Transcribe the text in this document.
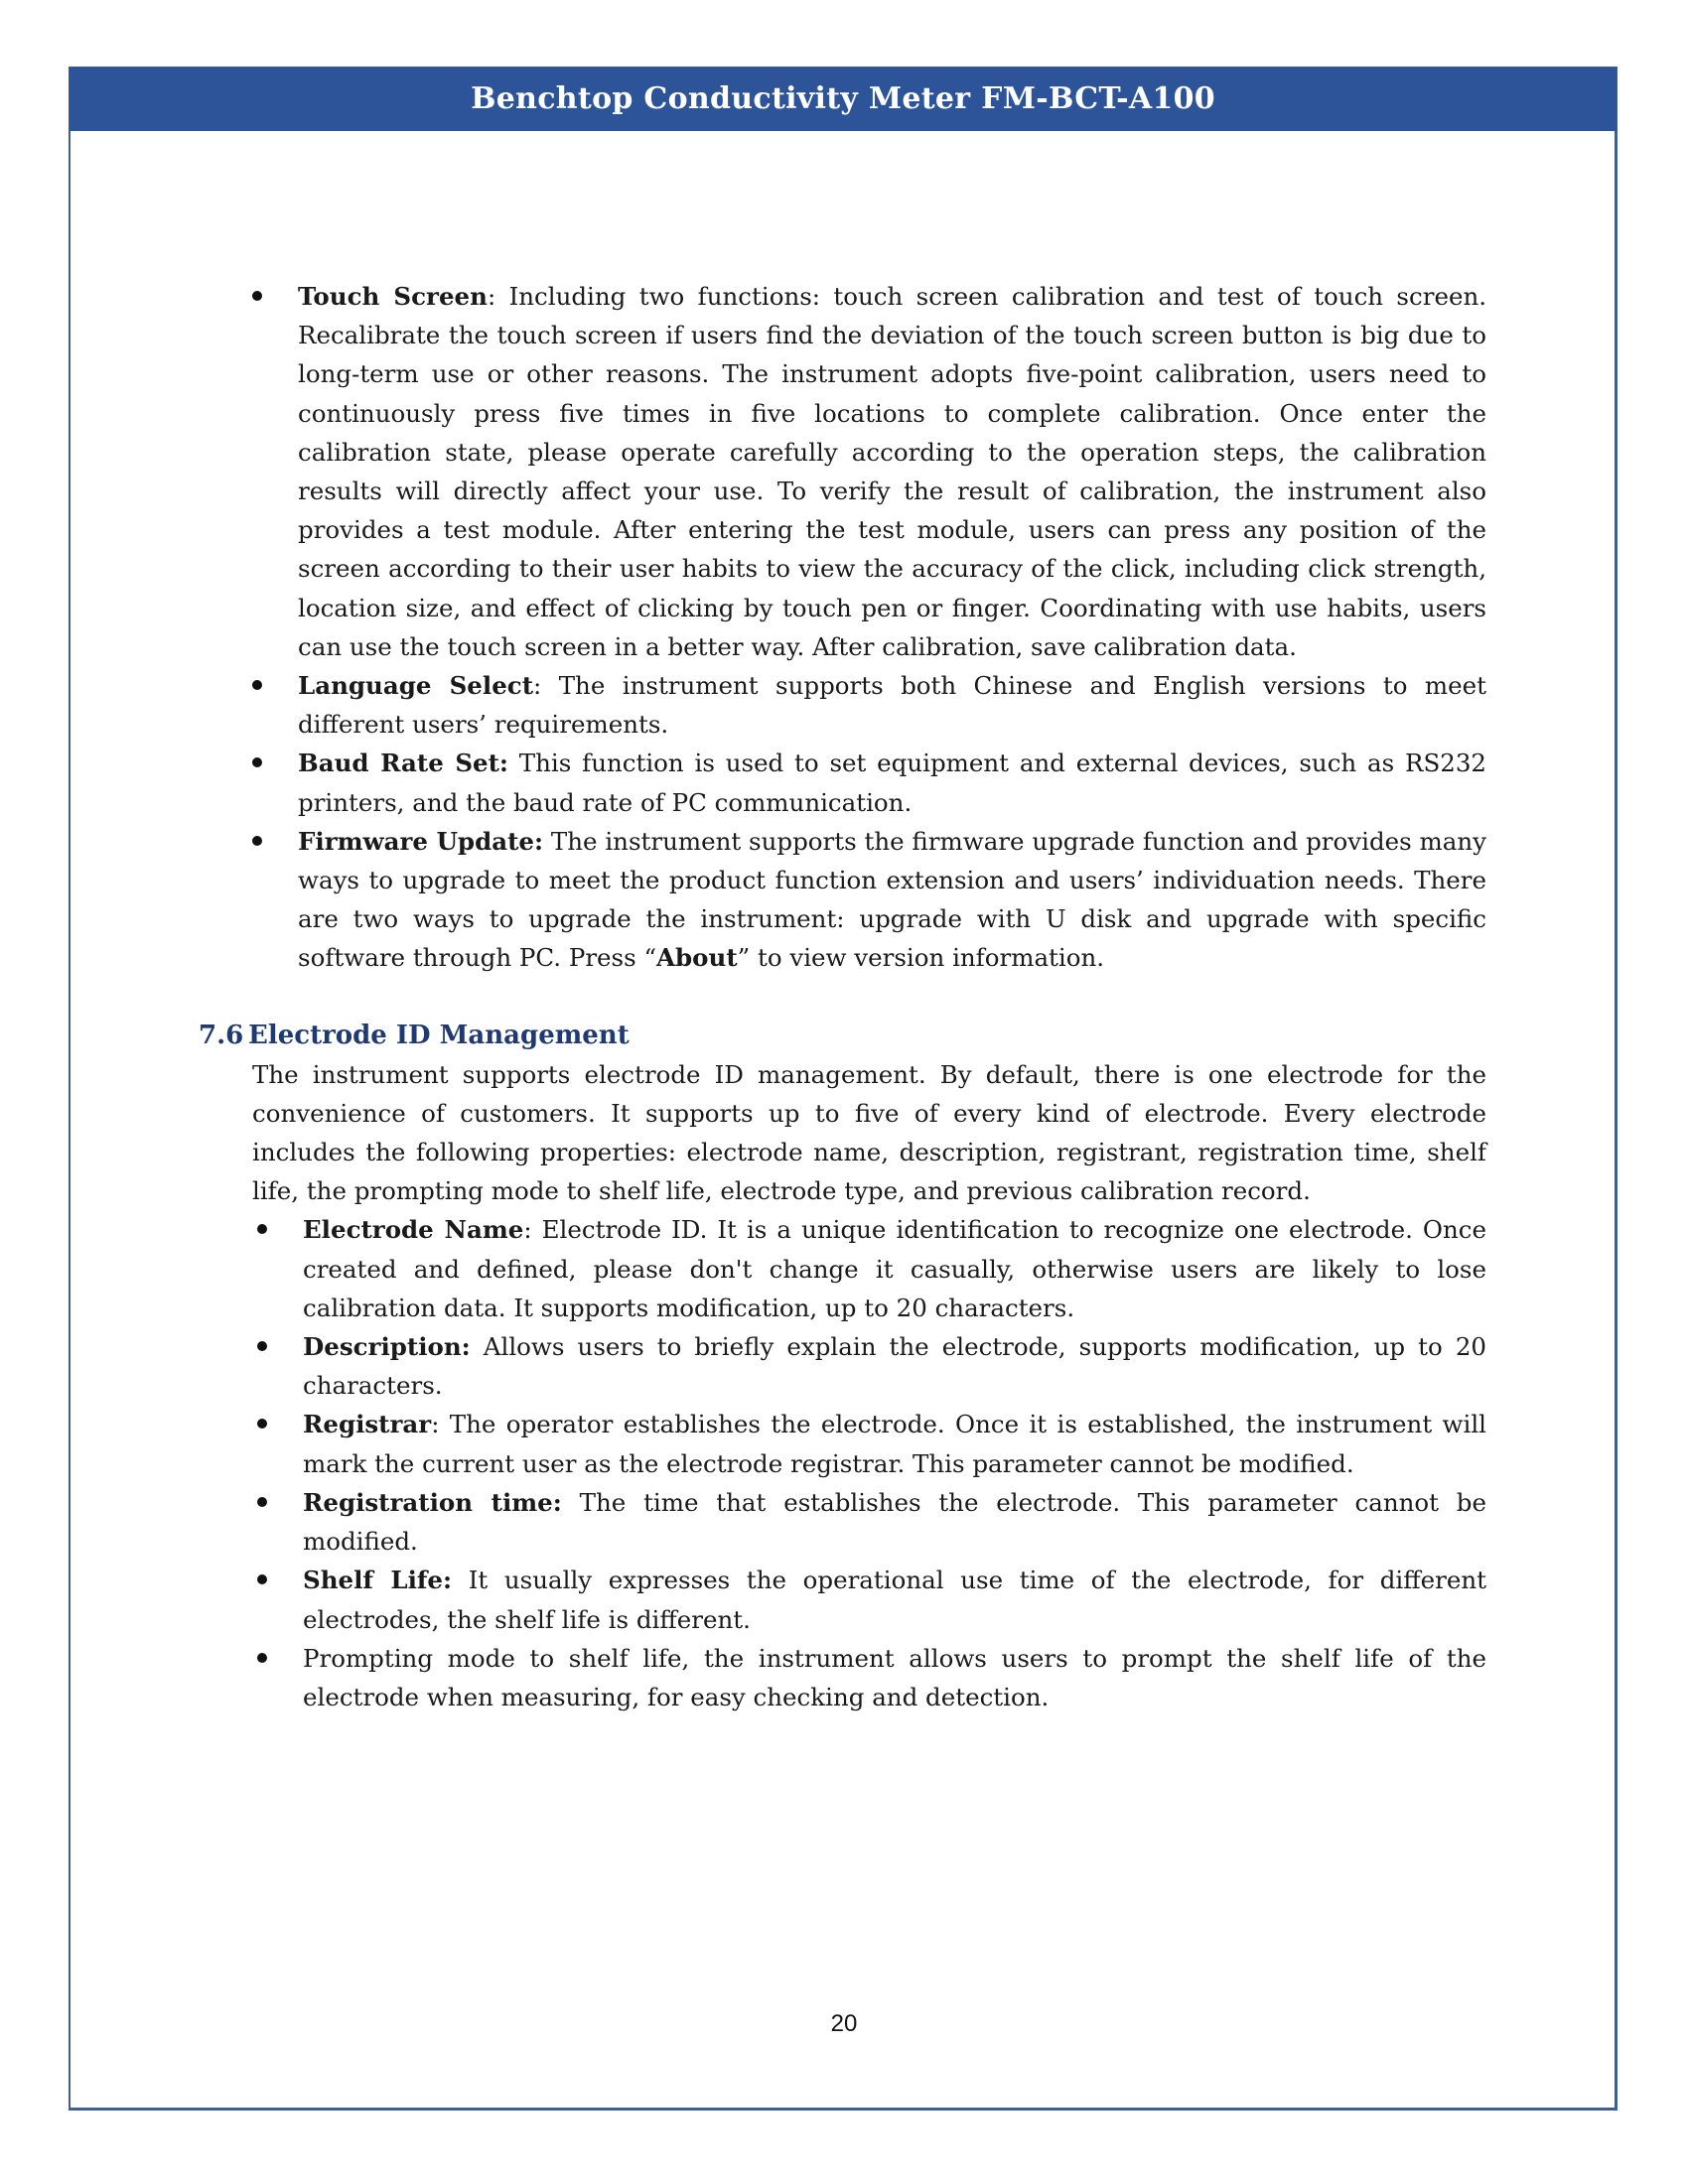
Benchtop Conductivity Meter FM-BCT-A100
Touch Screen: Including two functions: touch screen calibration and test of touch screen. Recalibrate the touch screen if users find the deviation of the touch screen button is big due to long-term use or other reasons. The instrument adopts five-point calibration, users need to continuously press five times in five locations to complete calibration. Once enter the calibration state, please operate carefully according to the operation steps, the calibration results will directly affect your use. To verify the result of calibration, the instrument also provides a test module. After entering the test module, users can press any position of the screen according to their user habits to view the accuracy of the click, including click strength, location size, and effect of clicking by touch pen or finger. Coordinating with use habits, users can use the touch screen in a better way. After calibration, save calibration data.
Language Select: The instrument supports both Chinese and English versions to meet different users’ requirements.
Baud Rate Set: This function is used to set equipment and external devices, such as RS232 printers, and the baud rate of PC communication.
Firmware Update: The instrument supports the firmware upgrade function and provides many ways to upgrade to meet the product function extension and users’ individuation needs. There are two ways to upgrade the instrument: upgrade with U disk and upgrade with specific software through PC. Press “About” to view version information.
7.6 Electrode ID Management
The instrument supports electrode ID management. By default, there is one electrode for the convenience of customers. It supports up to five of every kind of electrode. Every electrode includes the following properties: electrode name, description, registrant, registration time, shelf life, the prompting mode to shelf life, electrode type, and previous calibration record.
Electrode Name: Electrode ID. It is a unique identification to recognize one electrode. Once created and defined, please don't change it casually, otherwise users are likely to lose calibration data. It supports modification, up to 20 characters.
Description: Allows users to briefly explain the electrode, supports modification, up to 20 characters.
Registrar: The operator establishes the electrode. Once it is established, the instrument will mark the current user as the electrode registrar. This parameter cannot be modified.
Registration time: The time that establishes the electrode. This parameter cannot be modified.
Shelf Life: It usually expresses the operational use time of the electrode, for different electrodes, the shelf life is different.
Prompting mode to shelf life, the instrument allows users to prompt the shelf life of the electrode when measuring, for easy checking and detection.
20
